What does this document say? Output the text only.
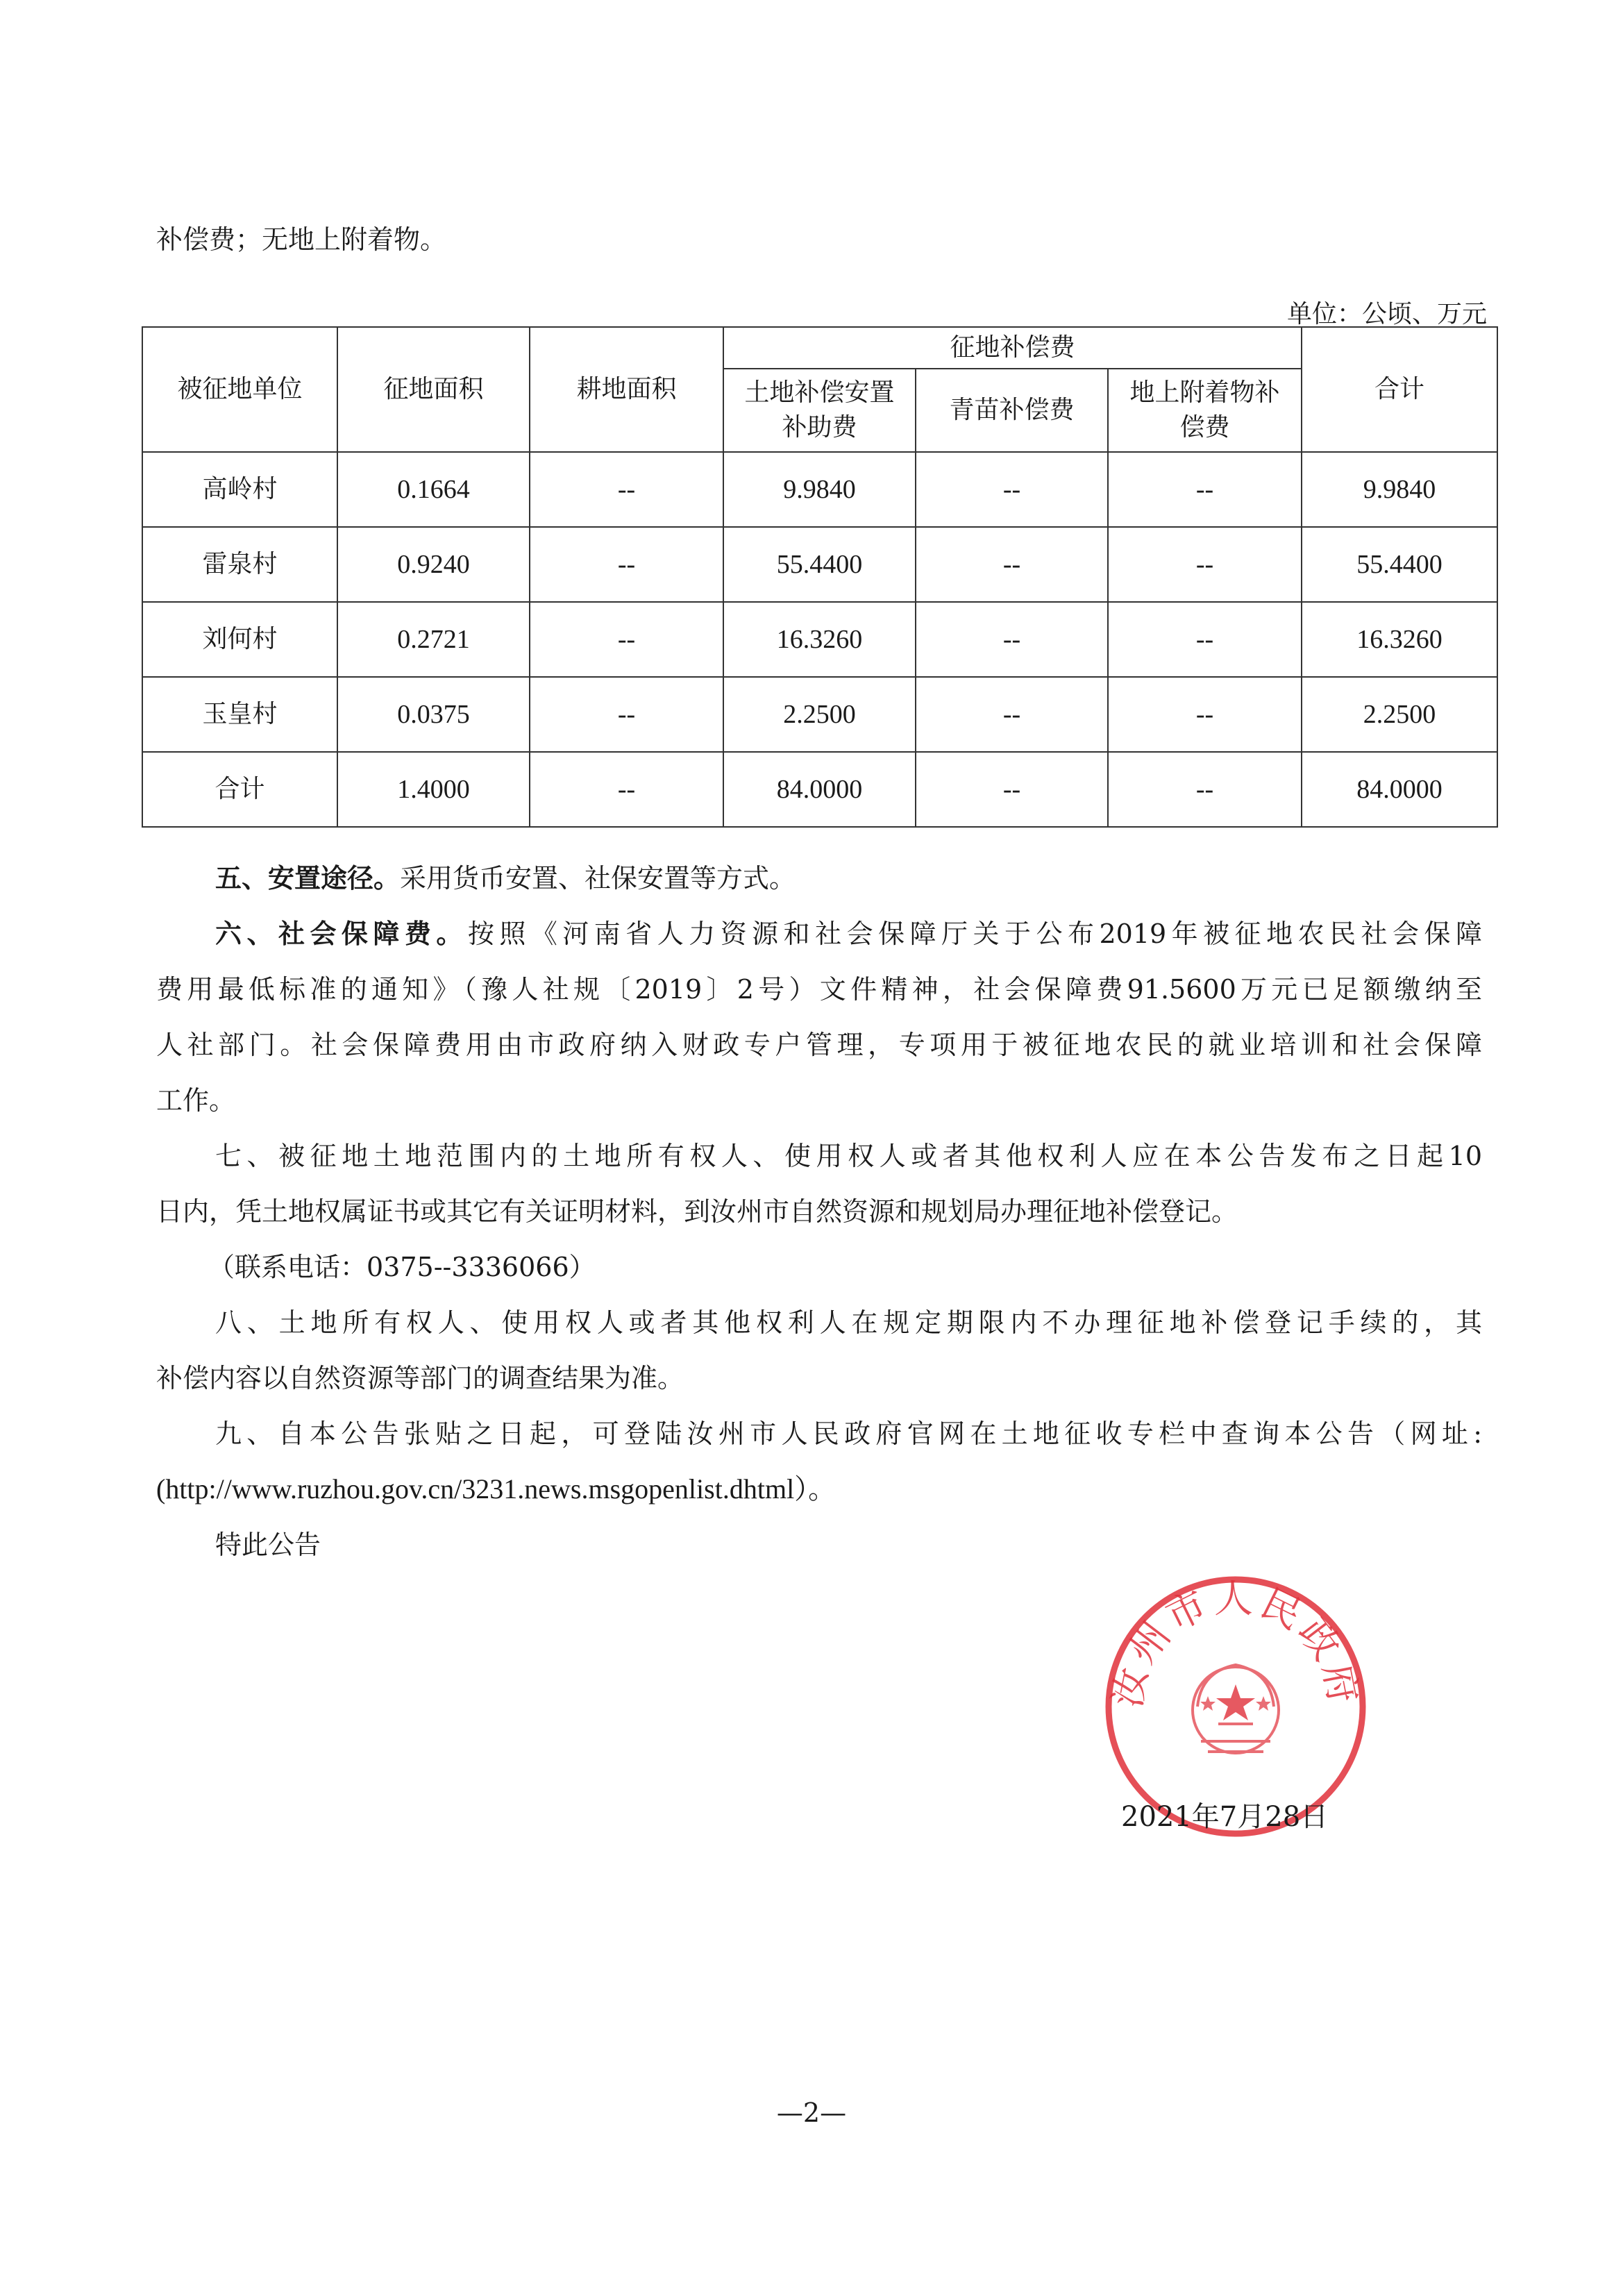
补偿费；无地上附着物。
单位：公顷、万元
被征地单位	征地面积	耕地面积	征地补偿费			合计
			土地补偿安置补助费	青苗补偿费	地上附着物补偿费	
高岭村	0.1664	--	9.9840	--	--	9.9840
雷泉村	0.9240	--	55.4400	--	--	55.4400
刘何村	0.2721	--	16.3260	--	--	16.3260
玉皇村	0.0375	--	2.2500	--	--	2.2500
合计	1.4000	--	84.0000	--	--	84.0000
五、安置途径。采用货币安置、社保安置等方式。
六、社会保障费。按照《河南省人力资源和社会保障厅关于公布2019年被征地农民社会保障
费用最低标准的通知》（豫人社规〔2019〕2号）文件精神，社会保障费91.5600万元已足额缴纳至
人社部门。社会保障费用由市政府纳入财政专户管理，专项用于被征地农民的就业培训和社会保障
工作。
七、被征地土地范围内的土地所有权人、使用权人或者其他权利人应在本公告发布之日起10
日内，凭土地权属证书或其它有关证明材料，到汝州市自然资源和规划局办理征地补偿登记。
（联系电话：0375--3336066）
八、土地所有权人、使用权人或者其他权利人在规定期限内不办理征地补偿登记手续的，其
补偿内容以自然资源等部门的调查结果为准。
九、自本公告张贴之日起，可登陆汝州市人民政府官网在土地征收专栏中查询本公告（网址:
(http://www.ruzhou.gov.cn/3231.news.msgopenlist.dhtml）。
特此公告
汝州市人民政府
2021年7月28日
—2—
